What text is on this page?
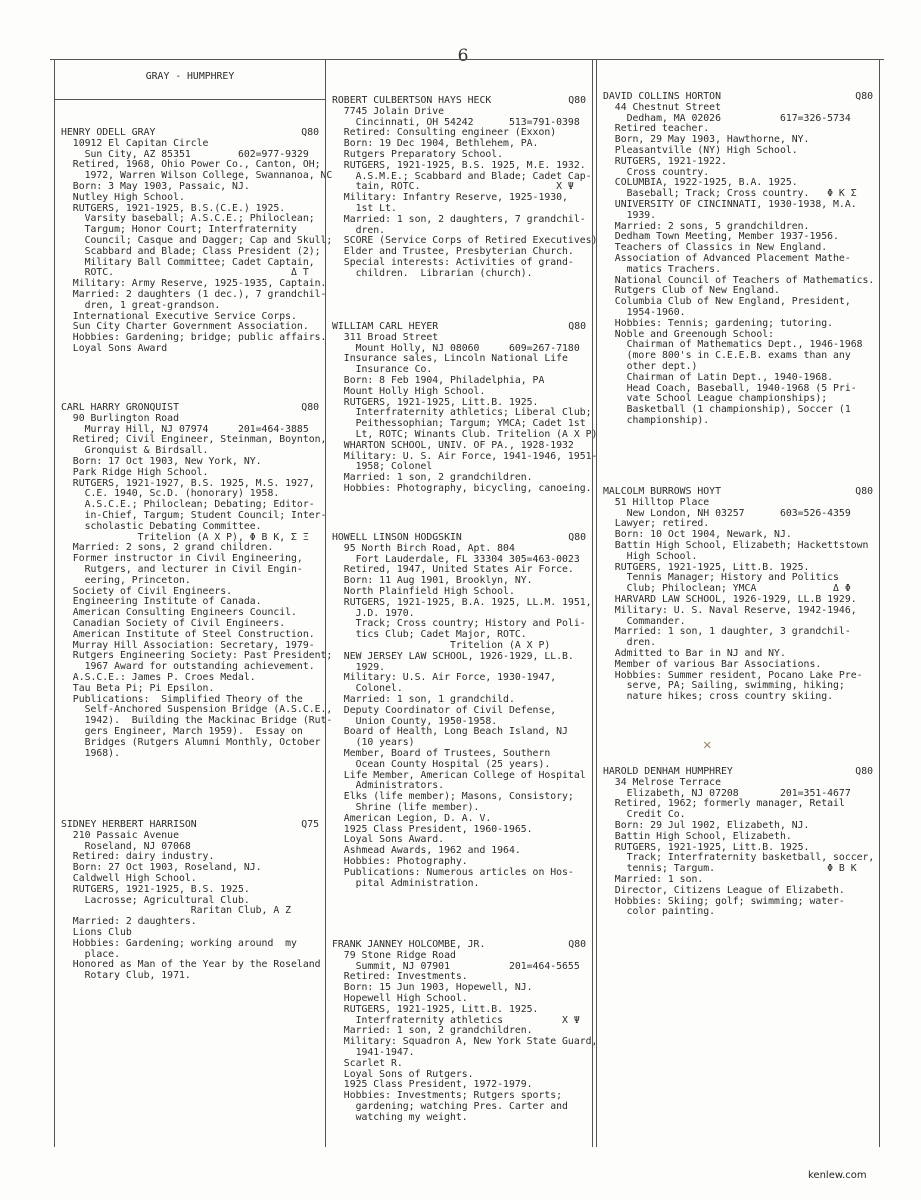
6
GRAY - HUMPHREY
HENRY ODELL GRAY	Q80
10912 El Capitan Circle
Sun City, AZ 85351        602=977-9329
Retired, 1968, Ohio Power Co., Canton, OH;
1972, Warren Wilson College, Swannanoa, NC
Born: 3 May 1903, Passaic, NJ.
Nutley High School.
RUTGERS, 1921-1925, B.S.(C.E.) 1925.
Varsity baseball; A.S.C.E.; Philoclean;
Targum; Honor Court; Interfraternity
Council; Casque and Dagger; Cap and Skull;
Scabbard and Blade; Class President (2);
Military Ball Committee; Cadet Captain,
ROTC.                              Δ T
Military: Army Reserve, 1925-1935, Captain.
Married: 2 daughters (1 dec.), 7 grandchil-
dren, 1 great-grandson.
International Executive Service Corps.
Sun City Charter Government Association.
Hobbies: Gardening; bridge; public affairs.
Loyal Sons Award
CARL HARRY GRONQUIST	Q80
90 Burlington Road
Murray Hill, NJ 07974     201=464-3885
Retired; Civil Engineer, Steinman, Boynton,
Gronquist & Birdsall.
Born: 17 Oct 1903, New York, NY.
Park Ridge High School.
RUTGERS, 1921-1927, B.S. 1925, M.S. 1927,
C.E. 1940, Sc.D. (honorary) 1958.
A.S.C.E.; Philoclean; Debating; Editor-
in-Chief, Targum; Student Council; Inter-
scholastic Debating Committee.
Tritelion (A X P), Φ B K, Σ Ξ
Married: 2 sons, 2 grand children.
Former instructor in Civil Engineering,
Rutgers, and lecturer in Civil Engin-
eering, Princeton.
Society of Civil Engineers.
Engineering Institute of Canada.
American Consulting Engineers Council.
Canadian Society of Civil Engineers.
American Institute of Steel Construction.
Murray Hill Association: Secretary, 1979-
Rutgers Engineering Society: Past President;
1967 Award for outstanding achievement.
A.S.C.E.: James P. Croes Medal.
Tau Beta Pi; Pi Epsilon.
Publications:  Simplified Theory of the
Self-Anchored Suspension Bridge (A.S.C.E.,
1942).  Building the Mackinac Bridge (Rut-
gers Engineer, March 1959).  Essay on
Bridges (Rutgers Alumni Monthly, October
1968).
SIDNEY HERBERT HARRISON	Q75
210 Passaic Avenue
Roseland, NJ 07068
Retired: dairy industry.
Born: 27 Oct 1903, Roseland, NJ.
Caldwell High School.
RUTGERS, 1921-1925, B.S. 1925.
Lacrosse; Agricultural Club.
Raritan Club, A Z
Married: 2 daughters.
Lions Club
Hobbies: Gardening; working around  my
place.
Honored as Man of the Year by the Roseland
Rotary Club, 1971.
ROBERT CULBERTSON HAYS HECK	Q80
7745 Jolain Drive
Cincinnati, OH 54242      513=791-0398
Retired: Consulting engineer (Exxon)
Born: 19 Dec 1904, Bethlehem, PA.
Rutgers Preparatory School.
RUTGERS, 1921-1925, B.S. 1925, M.E. 1932.
A.S.M.E.; Scabbard and Blade; Cadet Cap-
tain, ROTC.                       X Ψ
Military: Infantry Reserve, 1925-1930,
1st Lt.
Married: 1 son, 2 daughters, 7 grandchil-
dren.
SCORE (Service Corps of Retired Executives)
Elder and Trustee, Presbyterian Church.
Special interests: Activities of grand-
children.  Librarian (church).
WILLIAM CARL HEYER	Q80
311 Broad Street
Mount Holly, NJ 08060     609=267-7180
Insurance sales, Lincoln National Life
Insurance Co.
Born: 8 Feb 1904, Philadelphia, PA
Mount Holly High School.
RUTGERS, 1921-1925, Litt.B. 1925.
Interfraternity athletics; Liberal Club;
Peithessophian; Targum; YMCA; Cadet 1st
Lt, ROTC; Winants Club. Tritelion (A X P)
WHARTON SCHOOL, UNIV. OF PA., 1928-1932
Military: U. S. Air Force, 1941-1946, 1951-
1958; Colonel
Married: 1 son, 2 grandchildren.
Hobbies: Photography, bicycling, canoeing.
HOWELL LINSON HODGSKIN	Q80
95 North Birch Road, Apt. 804
Fort Lauderdale, FL 33304 305=463-0023
Retired, 1947, United States Air Force.
Born: 11 Aug 1901, Brooklyn, NY.
North Plainfield High School.
RUTGERS, 1921-1925, B.A. 1925, LL.M. 1951,
J.D. 1970.
Track; Cross country; History and Poli-
tics Club; Cadet Major, ROTC.
Tritelion (A X P)
NEW JERSEY LAW SCHOOL, 1926-1929, LL.B.
1929.
Military: U.S. Air Force, 1930-1947,
Colonel.
Married: 1 son, 1 grandchild.
Deputy Coordinator of Civil Defense,
Union County, 1950-1958.
Board of Health, Long Beach Island, NJ
(10 years)
Member, Board of Trustees, Southern
Ocean County Hospital (25 years).
Life Member, American College of Hospital
Administrators.
Elks (life member); Masons, Consistory;
Shrine (life member).
American Legion, D. A. V.
1925 Class President, 1960-1965.
Loyal Sons Award.
Ashmead Awards, 1962 and 1964.
Hobbies: Photography.
Publications: Numerous articles on Hos-
pital Administration.
FRANK JANNEY HOLCOMBE, JR.	Q80
79 Stone Ridge Road
Summit, NJ 07901          201=464-5655
Retired: Investments.
Born: 15 Jun 1903, Hopewell, NJ.
Hopewell High School.
RUTGERS, 1921-1925, Litt.B. 1925.
Interfraternity athletics          X Ψ
Married: 1 son, 2 grandchildren.
Military: Squadron A, New York State Guard,
1941-1947.
Scarlet R.
Loyal Sons of Rutgers.
1925 Class President, 1972-1979.
Hobbies: Investments; Rutgers sports;
gardening; watching Pres. Carter and
watching my weight.
DAVID COLLINS HORTON	Q80
44 Chestnut Street
Dedham, MA 02026          617=326-5734
Retired teacher.
Born, 29 May 1903, Hawthorne, NY.
Pleasantville (NY) High School.
RUTGERS, 1921-1922.
Cross country.
COLUMBIA, 1922-1925, B.A. 1925.
Baseball; Track; Cross country.   Φ K Σ
UNIVERSITY OF CINCINNATI, 1930-1938, M.A.
1939.
Married: 2 sons, 5 grandchildren.
Dedham Town Meeting, Member 1937-1956.
Teachers of Classics in New England.
Association of Advanced Placement Mathe-
matics Trachers.
National Council of Teachers of Mathematics.
Rutgers Club of New England.
Columbia Club of New England, President,
1954-1960.
Hobbies: Tennis; gardening; tutoring.
Noble and Greenough School:
Chairman of Mathematics Dept., 1946-1968
(more 800's in C.E.E.B. exams than any
other dept.)
Chairman of Latin Dept., 1940-1968.
Head Coach, Baseball, 1940-1968 (5 Pri-
vate School League championships);
Basketball (1 championship), Soccer (1
championship).
MALCOLM BURROWS HOYT	Q80
51 Hilltop Place
New London, NH 03257      603=526-4359
Lawyer; retired.
Born: 10 Oct 1904, Newark, NJ.
Battin High School, Elizabeth; Hackettstown
High School.
RUTGERS, 1921-1925, Litt.B. 1925.
Tennis Manager; History and Politics
Club; Philoclean; YMCA             Δ Φ
HARVARD LAW SCHOOL, 1926-1929, LL.B 1929.
Military: U. S. Naval Reserve, 1942-1946,
Commander.
Married: 1 son, 1 daughter, 3 grandchil-
dren.
Admitted to Bar in NJ and NY.
Member of various Bar Associations.
Hobbies: Summer resident, Pocano Lake Pre-
serve, PA; Sailing, swimming, hiking;
nature hikes; cross country skiing.
HAROLD DENHAM HUMPHREY	Q80
34 Melrose Terrace
Elizabeth, NJ 07208       201=351-4677
Retired, 1962; formerly manager, Retail
Credit Co.
Born: 29 Jul 1902, Elizabeth, NJ.
Battin High School, Elizabeth.
RUTGERS, 1921-1925, Litt.B. 1925.
Track; Interfraternity basketball, soccer,
tennis; Targum.                   Φ B K
Married: 1 son.
Director, Citizens League of Elizabeth.
Hobbies: Skiing; golf; swimming; water-
color painting.
✕
kenlew.com
